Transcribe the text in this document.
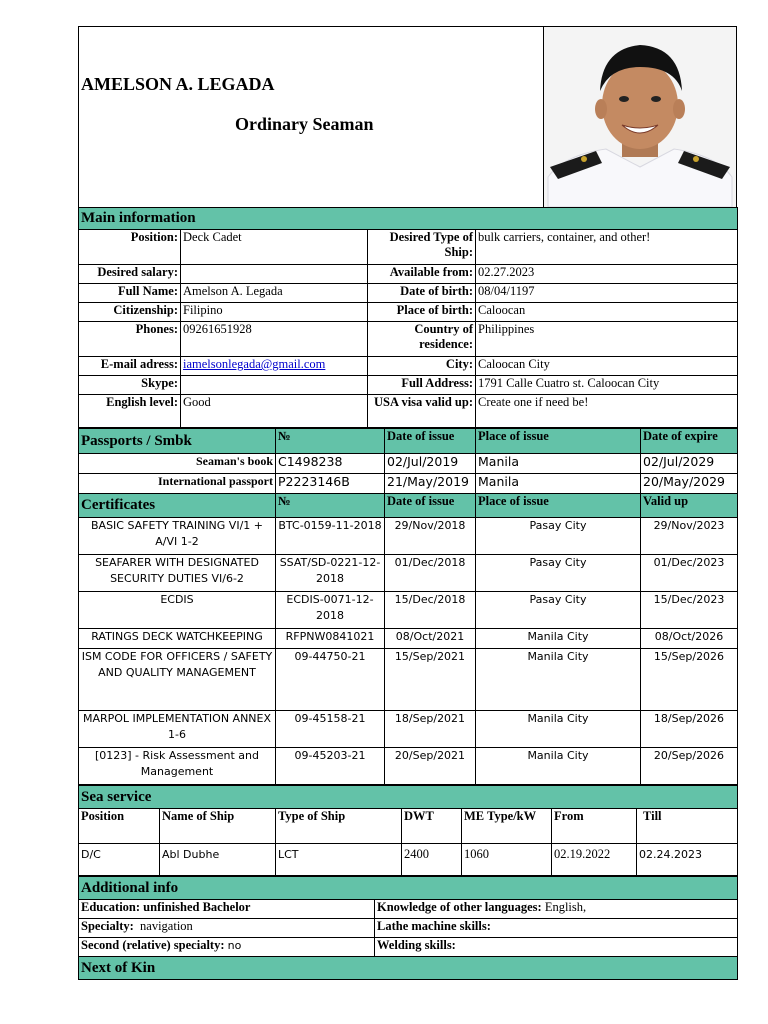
AMELSON A. LEGADA
Ordinary Seaman
Main information			
Position:	Deck Cadet	Desired Type of Ship:	bulk carriers, container, and other!
Desired salary:		Available from:	02.27.2023
Full Name:	Amelson A. Legada	Date of birth:	08/04/1197
Citizenship:	Filipino	Place of birth:	Caloocan
Phones:	09261651928	Country of residence:	Philippines
E-mail adress:	iamelsonlegada@gmail.com	City:	Caloocan City
Skype:		Full Address:	1791 Calle Cuatro st. Caloocan City
English level:	Good	USA visa valid up:	Create one if need be!
Passports / Smbk	№	Date of issue	Place of issue	Date of expire
Seaman's book	C1498238	02/Jul/2019	Manila	02/Jul/2029
International passport	P2223146B	21/May/2019	Manila	20/May/2029
Certificates	№	Date of issue	Place of issue	Valid up
BASIC SAFETY TRAINING VI/1 + A/VI 1-2	BTC-0159-11-2018	29/Nov/2018	Pasay City	29/Nov/2023
SEAFARER WITH DESIGNATED SECURITY DUTIES VI/6-2	SSAT/SD-0221-12-2018	01/Dec/2018	Pasay City	01/Dec/2023
ECDIS	ECDIS-0071-12-2018	15/Dec/2018	Pasay City	15/Dec/2023
RATINGS DECK WATCHKEEPING	RFPNW0841021	08/Oct/2021	Manila City	08/Oct/2026
ISM CODE FOR OFFICERS / SAFETY AND QUALITY MANAGEMENT	09-44750-21	15/Sep/2021	Manila City	15/Sep/2026
MARPOL IMPLEMENTATION ANNEX 1-6	09-45158-21	18/Sep/2021	Manila City	18/Sep/2026
[0123] - Risk Assessment and Management	09-45203-21	20/Sep/2021	Manila City	20/Sep/2026
Sea service						
Position	Name of Ship	Type of Ship	DWT	ME Type/kW	From	Till
D/C	Abl Dubhe	LCT	2400	1060	02.19.2022	02.24.2023
Additional info	
Education: unfinished Bachelor	Knowledge of other languages: English,
Specialty: navigation	Lathe machine skills:
Second (relative) specialty: no	Welding skills:
Next of Kin	
